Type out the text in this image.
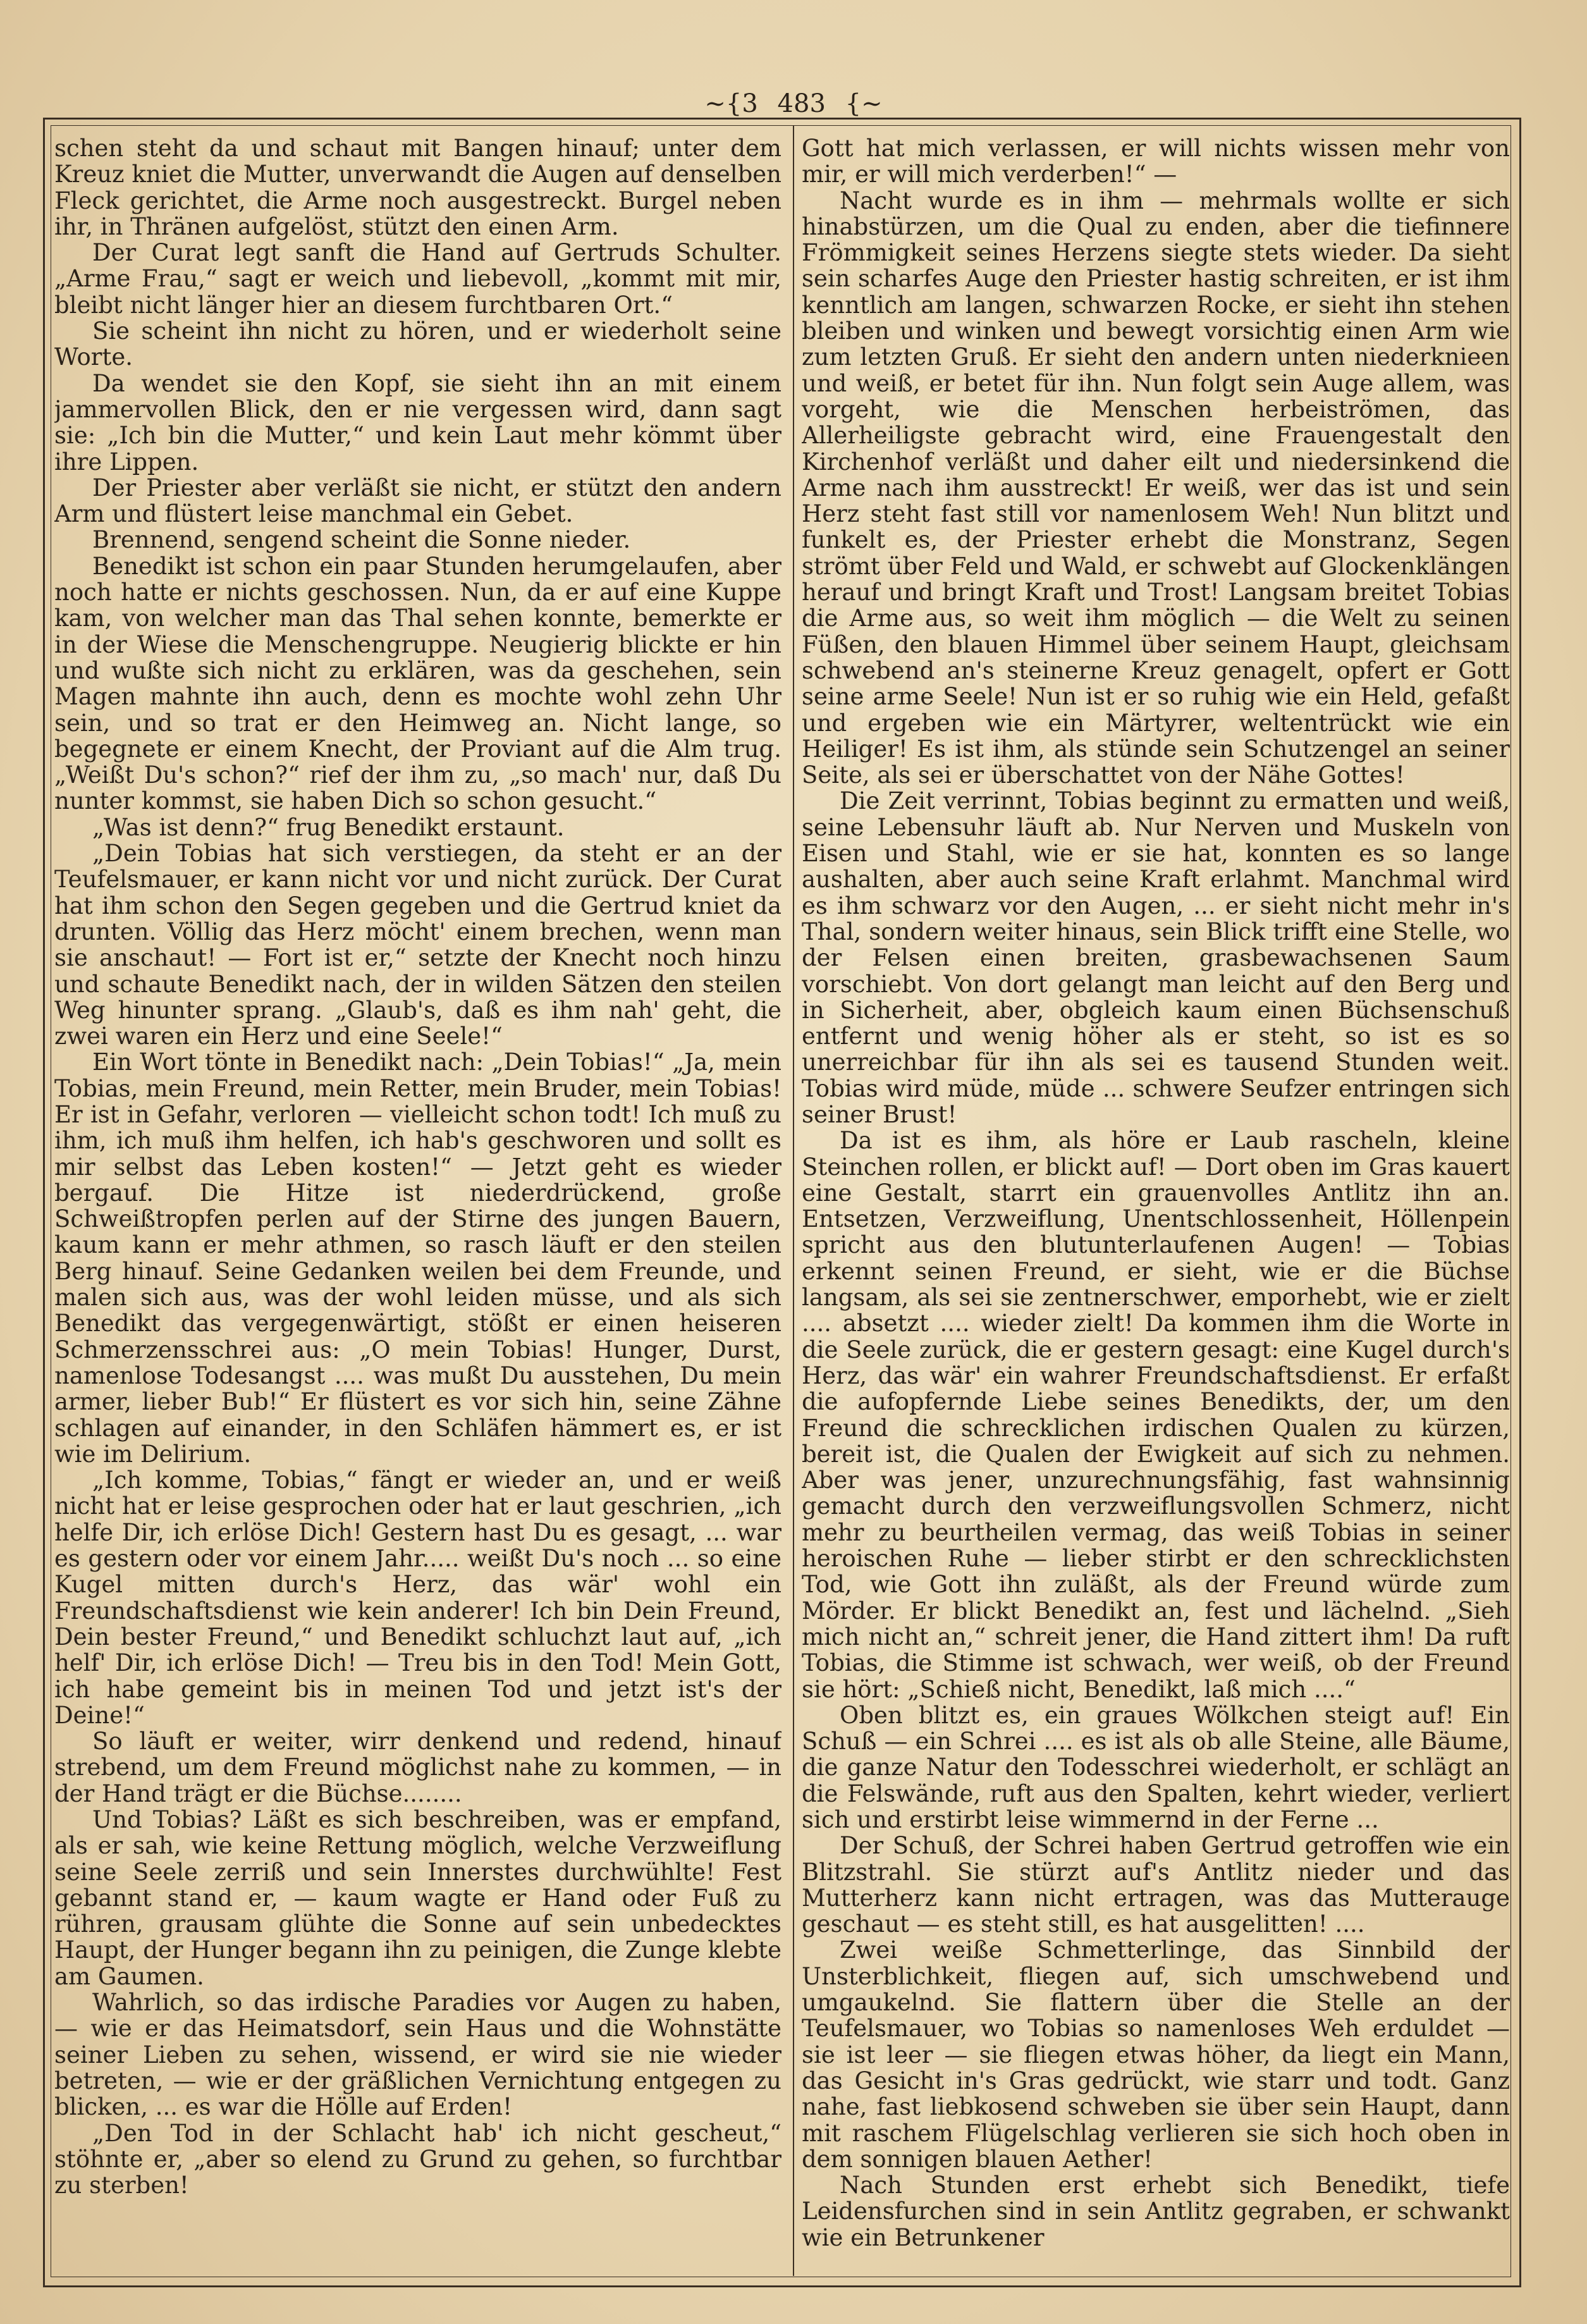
~{3 483 {~

schen steht da und schaut mit Bangen hinauf; unter dem Kreuz kniet die Mutter, unverwandt die Augen auf denselben Fleck gerichtet, die Arme noch ausgestreckt. Burgel neben ihr, in Thränen aufgelöst, stützt den einen Arm.

Der Curat legt sanft die Hand auf Gertruds Schulter. „Arme Frau,“ sagt er weich und liebevoll, „kommt mit mir, bleibt nicht länger hier an diesem furchtbaren Ort.“

Sie scheint ihn nicht zu hören, und er wiederholt seine Worte.

Da wendet sie den Kopf, sie sieht ihn an mit einem jammervollen Blick, den er nie vergessen wird, dann sagt sie: „Ich bin die Mutter,“ und kein Laut mehr kömmt über ihre Lippen.

Der Priester aber verläßt sie nicht, er stützt den andern Arm und flüstert leise manchmal ein Gebet.

Brennend, sengend scheint die Sonne nieder.

Benedikt ist schon ein paar Stunden herumgelaufen, aber noch hatte er nichts geschossen. Nun, da er auf eine Kuppe kam, von welcher man das Thal sehen konnte, bemerkte er in der Wiese die Menschengruppe. Neugierig blickte er hin und wußte sich nicht zu erklären, was da geschehen, sein Magen mahnte ihn auch, denn es mochte wohl zehn Uhr sein, und so trat er den Heimweg an. Nicht lange, so begegnete er einem Knecht, der Proviant auf die Alm trug. „Weißt Du's schon?“ rief der ihm zu, „so mach' nur, daß Du nunter kommst, sie haben Dich so schon gesucht.“

„Was ist denn?“ frug Benedikt erstaunt.

„Dein Tobias hat sich verstiegen, da steht er an der Teufelsmauer, er kann nicht vor und nicht zurück. Der Curat hat ihm schon den Segen gegeben und die Gertrud kniet da drunten. Völlig das Herz möcht' einem brechen, wenn man sie anschaut! — Fort ist er,“ setzte der Knecht noch hinzu und schaute Benedikt nach, der in wilden Sätzen den steilen Weg hinunter sprang. „Glaub's, daß es ihm nah' geht, die zwei waren ein Herz und eine Seele!“

Ein Wort tönte in Benedikt nach: „Dein Tobias!“ „Ja, mein Tobias, mein Freund, mein Retter, mein Bruder, mein Tobias! Er ist in Gefahr, verloren — vielleicht schon todt! Ich muß zu ihm, ich muß ihm helfen, ich hab's geschworen und sollt es mir selbst das Leben kosten!“ — Jetzt geht es wieder bergauf. Die Hitze ist niederdrückend, große Schweißtropfen perlen auf der Stirne des jungen Bauern, kaum kann er mehr athmen, so rasch läuft er den steilen Berg hinauf. Seine Gedanken weilen bei dem Freunde, und malen sich aus, was der wohl leiden müsse, und als sich Benedikt das vergegenwärtigt, stößt er einen heiseren Schmerzensschrei aus: „O mein Tobias! Hunger, Durst, namenlose Todesangst .... was mußt Du ausstehen, Du mein armer, lieber Bub!“ Er flüstert es vor sich hin, seine Zähne schlagen auf einander, in den Schläfen hämmert es, er ist wie im Delirium.

„Ich komme, Tobias,“ fängt er wieder an, und er weiß nicht hat er leise gesprochen oder hat er laut geschrien, „ich helfe Dir, ich erlöse Dich! Gestern hast Du es gesagt, ... war es gestern oder vor einem Jahr..... weißt Du's noch ... so eine Kugel mitten durch's Herz, das wär' wohl ein Freundschaftsdienst wie kein anderer! Ich bin Dein Freund, Dein bester Freund,“ und Benedikt schluchzt laut auf, „ich helf' Dir, ich erlöse Dich! — Treu bis in den Tod! Mein Gott, ich habe gemeint bis in meinen Tod und jetzt ist's der Deine!“

So läuft er weiter, wirr denkend und redend, hinauf strebend, um dem Freund möglichst nahe zu kommen, — in der Hand trägt er die Büchse........

Und Tobias? Läßt es sich beschreiben, was er empfand, als er sah, wie keine Rettung möglich, welche Verzweiflung seine Seele zerriß und sein Innerstes durchwühlte! Fest gebannt stand er, — kaum wagte er Hand oder Fuß zu rühren, grausam glühte die Sonne auf sein unbedecktes Haupt, der Hunger begann ihn zu peinigen, die Zunge klebte am Gaumen.

Wahrlich, so das irdische Paradies vor Augen zu haben, — wie er das Heimatsdorf, sein Haus und die Wohnstätte seiner Lieben zu sehen, wissend, er wird sie nie wieder betreten, — wie er der gräßlichen Vernichtung entgegen zu blicken, ... es war die Hölle auf Erden!

„Den Tod in der Schlacht hab' ich nicht gescheut,“ stöhnte er, „aber so elend zu Grund zu gehen, so furchtbar zu sterben!

Gott hat mich verlassen, er will nichts wissen mehr von mir, er will mich verderben!“ —

Nacht wurde es in ihm — mehrmals wollte er sich hinabstürzen, um die Qual zu enden, aber die tiefinnere Frömmigkeit seines Herzens siegte stets wieder. Da sieht sein scharfes Auge den Priester hastig schreiten, er ist ihm kenntlich am langen, schwarzen Rocke, er sieht ihn stehen bleiben und winken und bewegt vorsichtig einen Arm wie zum letzten Gruß. Er sieht den andern unten niederknieen und weiß, er betet für ihn. Nun folgt sein Auge allem, was vorgeht, wie die Menschen herbeiströmen, das Allerheiligste gebracht wird, eine Frauengestalt den Kirchenhof verläßt und daher eilt und niedersinkend die Arme nach ihm ausstreckt! Er weiß, wer das ist und sein Herz steht fast still vor namenlosem Weh! Nun blitzt und funkelt es, der Priester erhebt die Monstranz, Segen strömt über Feld und Wald, er schwebt auf Glockenklängen herauf und bringt Kraft und Trost! Langsam breitet Tobias die Arme aus, so weit ihm möglich — die Welt zu seinen Füßen, den blauen Himmel über seinem Haupt, gleichsam schwebend an's steinerne Kreuz genagelt, opfert er Gott seine arme Seele! Nun ist er so ruhig wie ein Held, gefaßt und ergeben wie ein Märtyrer, weltentrückt wie ein Heiliger! Es ist ihm, als stünde sein Schutzengel an seiner Seite, als sei er überschattet von der Nähe Gottes!

Die Zeit verrinnt, Tobias beginnt zu ermatten und weiß, seine Lebensuhr läuft ab. Nur Nerven und Muskeln von Eisen und Stahl, wie er sie hat, konnten es so lange aushalten, aber auch seine Kraft erlahmt. Manchmal wird es ihm schwarz vor den Augen, ... er sieht nicht mehr in's Thal, sondern weiter hinaus, sein Blick trifft eine Stelle, wo der Felsen einen breiten, grasbewachsenen Saum vorschiebt. Von dort gelangt man leicht auf den Berg und in Sicherheit, aber, obgleich kaum einen Büchsenschuß entfernt und wenig höher als er steht, so ist es so unerreichbar für ihn als sei es tausend Stunden weit. Tobias wird müde, müde ... schwere Seufzer entringen sich seiner Brust!

Da ist es ihm, als höre er Laub rascheln, kleine Steinchen rollen, er blickt auf! — Dort oben im Gras kauert eine Gestalt, starrt ein grauenvolles Antlitz ihn an. Entsetzen, Verzweiflung, Unentschlossenheit, Höllenpein spricht aus den blutunterlaufenen Augen! — Tobias erkennt seinen Freund, er sieht, wie er die Büchse langsam, als sei sie zentnerschwer, emporhebt, wie er zielt .... absetzt .... wieder zielt! Da kommen ihm die Worte in die Seele zurück, die er gestern gesagt: eine Kugel durch's Herz, das wär' ein wahrer Freundschaftsdienst. Er erfaßt die aufopfernde Liebe seines Benedikts, der, um den Freund die schrecklichen irdischen Qualen zu kürzen, bereit ist, die Qualen der Ewigkeit auf sich zu nehmen. Aber was jener, unzurechnungsfähig, fast wahnsinnig gemacht durch den verzweiflungsvollen Schmerz, nicht mehr zu beurtheilen vermag, das weiß Tobias in seiner heroischen Ruhe — lieber stirbt er den schrecklichsten Tod, wie Gott ihn zuläßt, als der Freund würde zum Mörder. Er blickt Benedikt an, fest und lächelnd. „Sieh mich nicht an,“ schreit jener, die Hand zittert ihm! Da ruft Tobias, die Stimme ist schwach, wer weiß, ob der Freund sie hört: „Schieß nicht, Benedikt, laß mich ....“

Oben blitzt es, ein graues Wölkchen steigt auf! Ein Schuß — ein Schrei .... es ist als ob alle Steine, alle Bäume, die ganze Natur den Todesschrei wiederholt, er schlägt an die Felswände, ruft aus den Spalten, kehrt wieder, verliert sich und erstirbt leise wimmernd in der Ferne ...

Der Schuß, der Schrei haben Gertrud getroffen wie ein Blitzstrahl. Sie stürzt auf's Antlitz nieder und das Mutterherz kann nicht ertragen, was das Mutterauge geschaut — es steht still, es hat ausgelitten! ....

Zwei weiße Schmetterlinge, das Sinnbild der Unsterblichkeit, fliegen auf, sich umschwebend und umgaukelnd. Sie flattern über die Stelle an der Teufelsmauer, wo Tobias so namenloses Weh erduldet — sie ist leer — sie fliegen etwas höher, da liegt ein Mann, das Gesicht in's Gras gedrückt, wie starr und todt. Ganz nahe, fast liebkosend schweben sie über sein Haupt, dann mit raschem Flügelschlag verlieren sie sich hoch oben in dem sonnigen blauen Aether!

Nach Stunden erst erhebt sich Benedikt, tiefe Leidensfurchen sind in sein Antlitz gegraben, er schwankt wie ein Betrunkener
